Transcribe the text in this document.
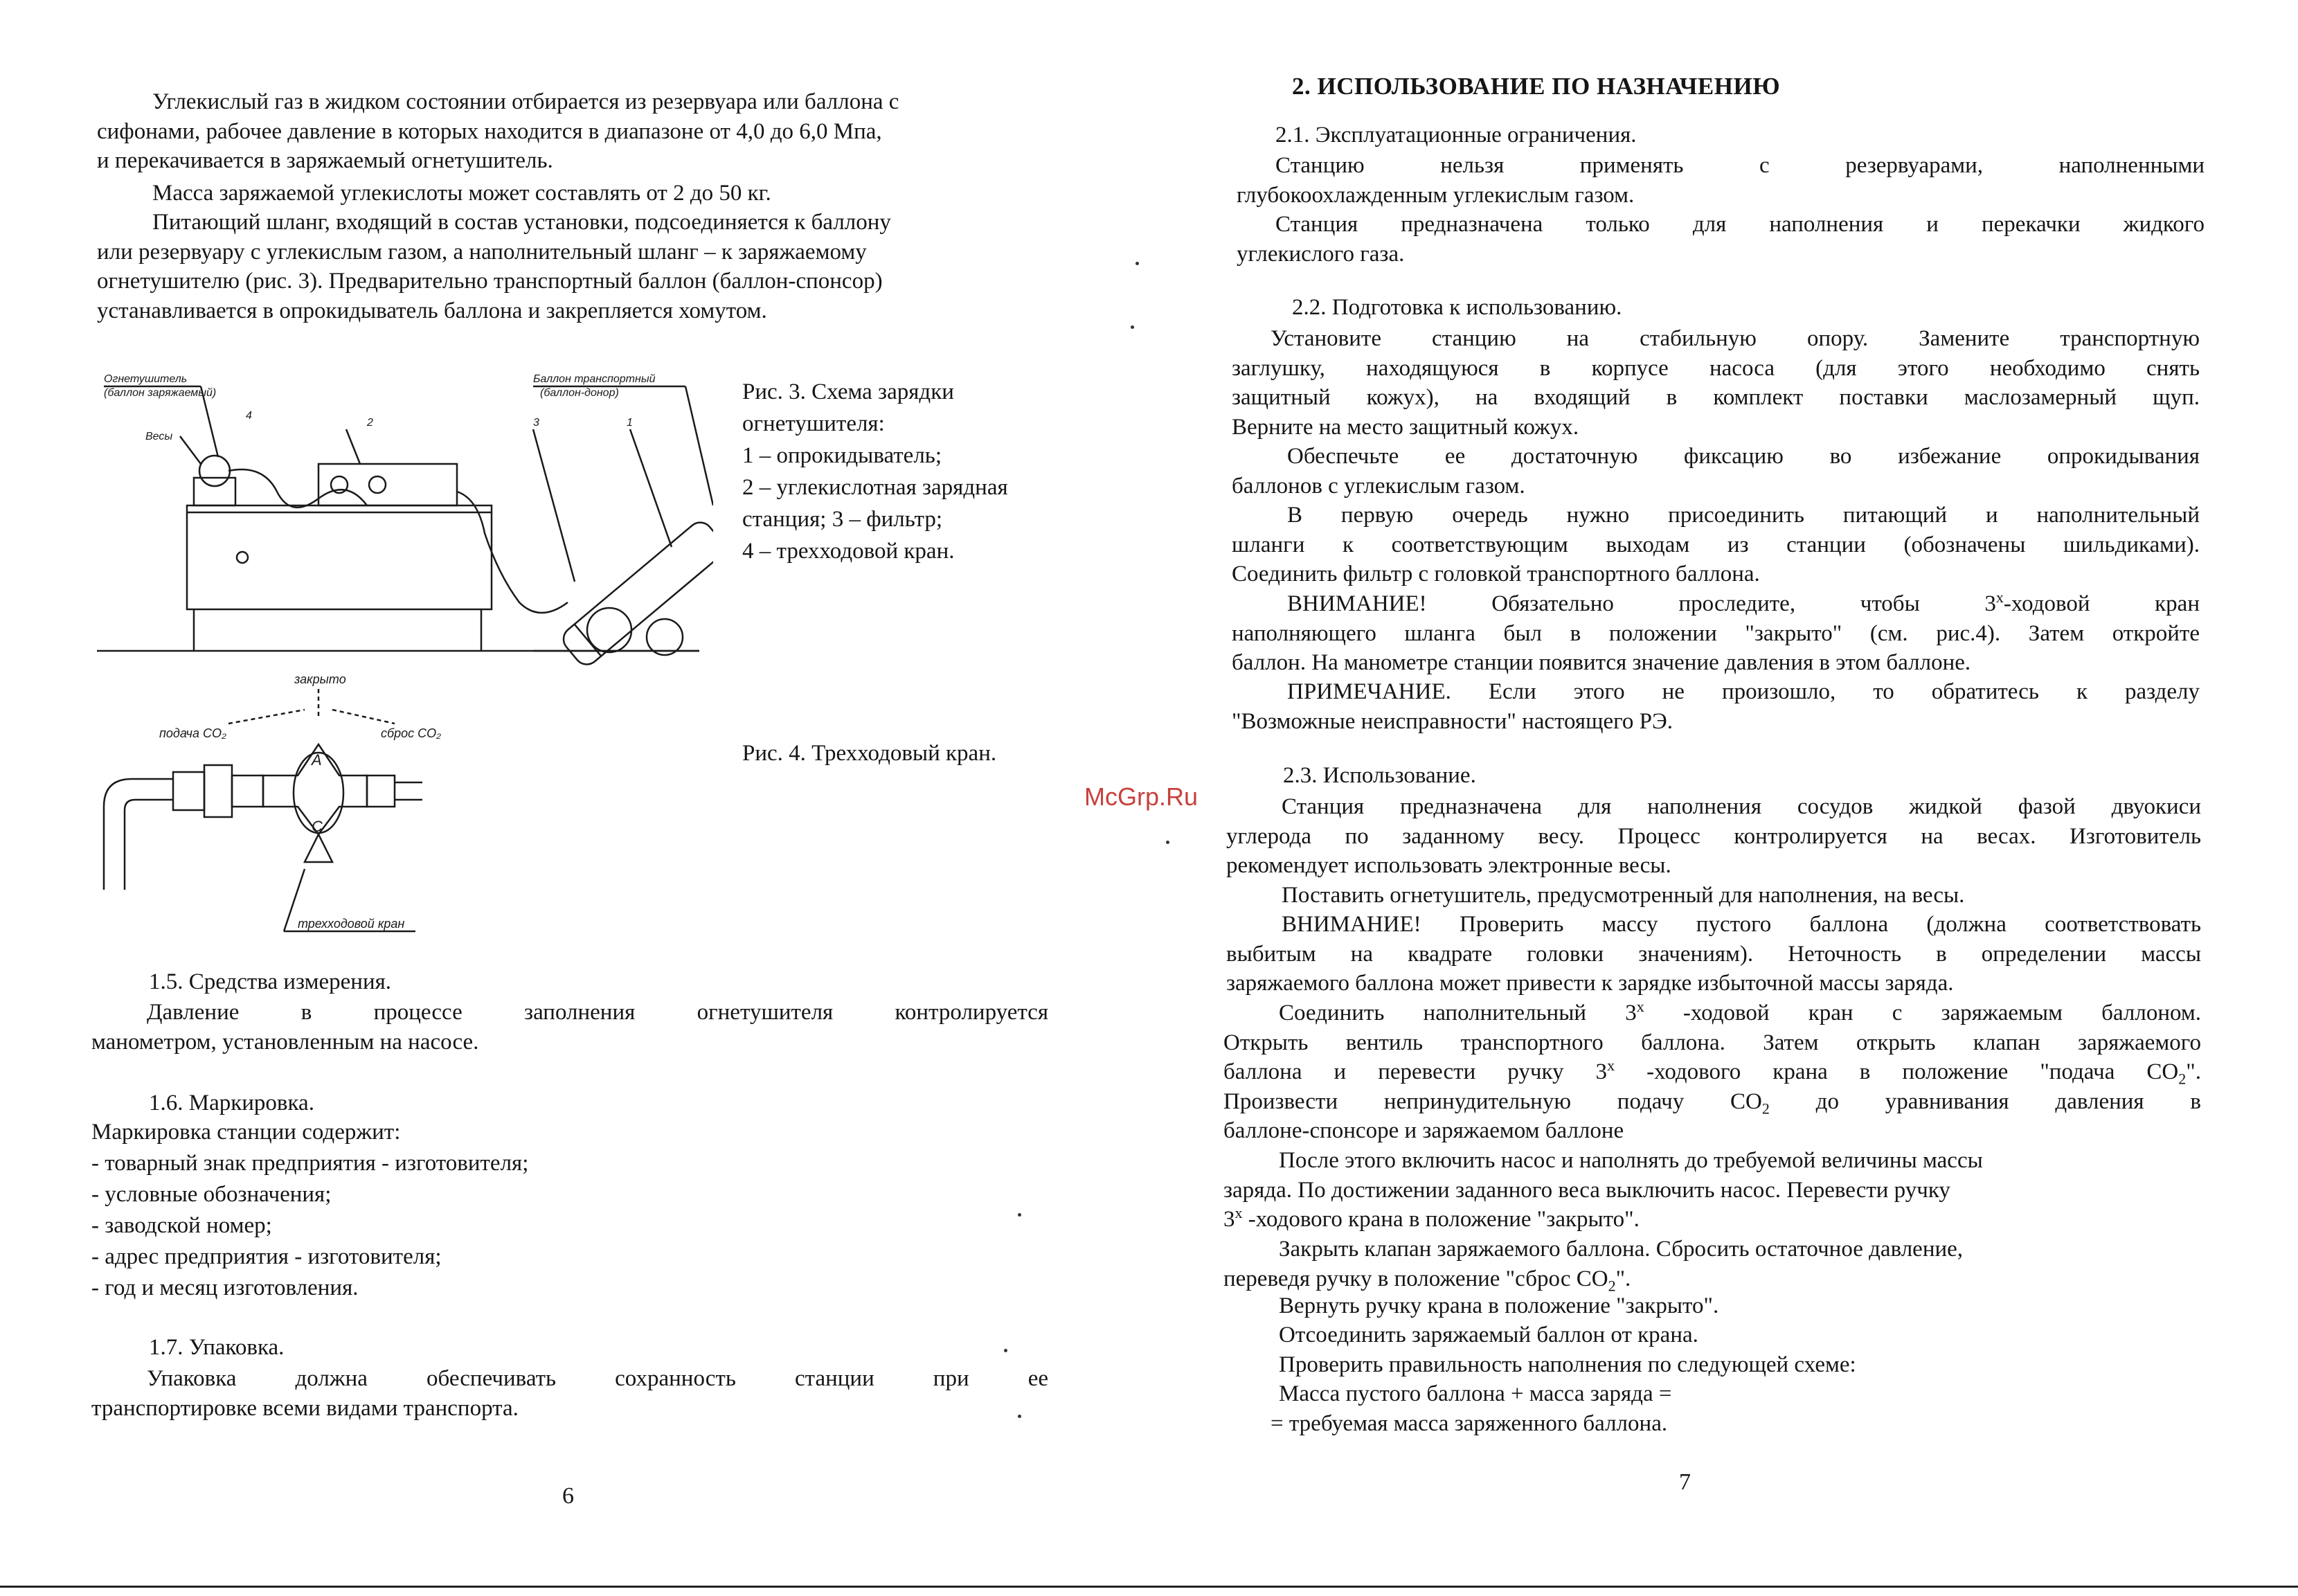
Углекислый газ в жидком состоянии отбирается из резервуара или баллона с
сифонами, рабочее давление в которых находится в диапазоне от 4,0 до 6,0 Мпа,
и перекачивается в заряжаемый огнетушитель.
Масса заряжаемой углекислоты может составлять от 2 до 50 кг.
Питающий шланг, входящий в состав установки, подсоединяется к баллону
или резервуару с углекислым газом, а наполнительный шланг – к заряжаемому
огнетушителю (рис. 3). Предварительно транспортный баллон (баллон-спонсор)
устанавливается в опрокидыватель баллона и закрепляется хомутом.
Огнетушитель
(баллон заряжаемый)
Весы
Баллон транспортный
(баллон-донор)
4
2	3	1
Рис. 3. Схема зарядки
огнетушителя:
1 – опрокидыватель;
2 – углекислотная зарядная
станция; 3 – фильтр;
4 – трехходовой кран.
закрыто
подача CO₂	сброс CO₂
трехходовой кран
A
C
Рис. 4. Трехходовый кран.
1.5. Средства измерения.
Давление в процессе заполнения огнетушителя контролируется
манометром, установленным на насосе.
1.6. Маркировка.
Маркировка станции содержит:
- товарный знак предприятия - изготовителя;
- условные обозначения;
- заводской номер;
- адрес предприятия - изготовителя;
- год и месяц изготовления.
1.7. Упаковка.
Упаковка должна обеспечивать сохранность станции при ее
транспортировке всеми видами транспорта.
6
2. ИСПОЛЬЗОВАНИЕ ПО НАЗНАЧЕНИЮ
2.1. Эксплуатационные ограничения.
Станцию нельзя применять с резервуарами, наполненными
глубокоохлажденным углекислым газом.
Станция предназначена только для наполнения и перекачки жидкого
углекислого газа.
2.2. Подготовка к использованию.
Установите станцию на стабильную опору. Замените транспортную
заглушку, находящуюся в корпусе насоса (для этого необходимо снять
защитный кожух), на входящий в комплект поставки маслозамерный щуп.
Верните на место защитный кожух.
Обеспечьте ее достаточную фиксацию во избежание опрокидывания
баллонов с углекислым газом.
В первую очередь нужно присоединить питающий и наполнительный
шланги к соответствующим выходам из станции (обозначены шильдиками).
Соединить фильтр с головкой транспортного баллона.
ВНИМАНИЕ! Обязательно проследите, чтобы $3^х$-ходовой кран
наполняющего шланга был в положении "закрыто" (см. рис.4). Затем откройте
баллон. На манометре станции появится значение давления в этом баллоне.
ПРИМЕЧАНИЕ. Если этого не произошло, то обратитесь к разделу
"Возможные неисправности" настоящего РЭ.
2.3. Использование.
Станция предназначена для наполнения сосудов жидкой фазой двуокиси
углерода по заданному весу. Процесс контролируется на весах. Изготовитель
рекомендует использовать электронные весы.
Поставить огнетушитель, предусмотренный для наполнения, на весы.
ВНИМАНИЕ! Проверить массу пустого баллона (должна соответствовать
выбитым на квадрате головки значениям). Неточность в определении массы
заряжаемого баллона может привести к зарядке избыточной массы заряда.
Соединить наполнительный $3^х$ -ходовой кран с заряжаемым баллоном.
Открыть вентиль транспортного баллона. Затем открыть клапан заряжаемого
баллона и перевести ручку $3^х$ -ходового крана в положение "подача $CO_2$".
Произвести непринудительную подачу $CO_2$ до уравнивания давления в
баллоне-спонсоре и заряжаемом баллоне
После этого включить насос и наполнять до требуемой величины массы
заряда. По достижении заданного веса выключить насос. Перевести ручку
$3^х$ -ходового крана в положение "закрыто".
Закрыть клапан заряжаемого баллона. Сбросить остаточное давление,
переведя ручку в положение "сброс $CO_2$".
Вернуть ручку крана в положение "закрыто".
Отсоединить заряжаемый баллон от крана.
Проверить правильность наполнения по следующей схеме:
Масса пустого баллона + масса заряда =
= требуемая масса заряженного баллона.
7
McGrp.Ru
